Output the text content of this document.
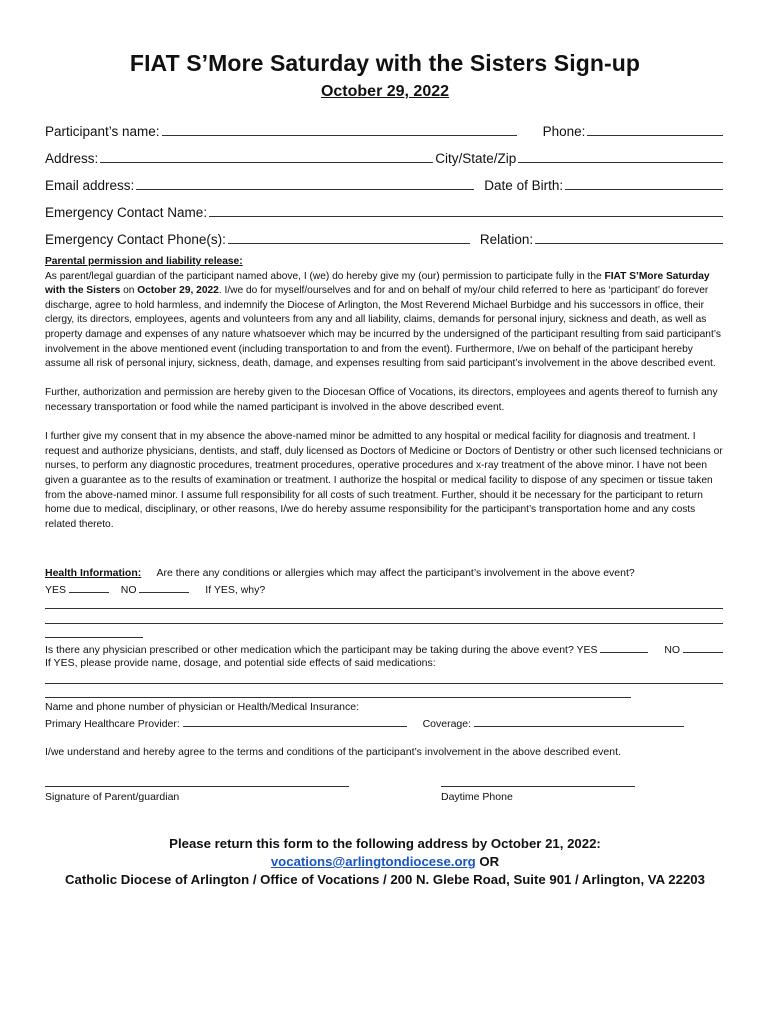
FIAT S’More Saturday with the Sisters Sign-up
October 29, 2022
Participant’s name:	Phone:
Address:	City/State/Zip
Email address:	Date of Birth:
Emergency Contact Name:
Emergency Contact Phone(s):	Relation:

Parental permission and liability release:

As parent/legal guardian of the participant named above, I (we) do hereby give my (our) permission to participate fully in the FIAT S’More Saturday with the Sisters on October 29, 2022. I/we do for myself/ourselves and for and on behalf of my/our child referred to here as ‘participant’ do forever discharge, agree to hold harmless, and indemnify the Diocese of Arlington, the Most Reverend Michael Burbidge and his successors in office, their clergy, its directors, employees, agents and volunteers from any and all liability, claims, demands for personal injury, sickness and death, as well as property damage and expenses of any nature whatsoever which may be incurred by the undersigned of the participant resulting from said participant’s involvement in the above mentioned event (including transportation to and from the event). Furthermore, I/we on behalf of the participant hereby assume all risk of personal injury, sickness, death, damage, and expenses resulting from said participant’s involvement in the above described event.

Further, authorization and permission are hereby given to the Diocesan Office of Vocations, its directors, employees and agents thereof to furnish any necessary transportation or food while the named participant is involved in the above described event.

I further give my consent that in my absence the above-named minor be admitted to any hospital or medical facility for diagnosis and treatment. I request and authorize physicians, dentists, and staff, duly licensed as Doctors of Medicine or Doctors of Dentistry or other such licensed technicians or nurses, to perform any diagnostic procedures, treatment procedures, operative procedures and x-ray treatment of the above minor. I have not been given a guarantee as to the results of examination or treatment. I authorize the hospital or medical facility to dispose of any specimen or tissue taken from the above-named minor. I assume full responsibility for all costs of such treatment. Further, should it be necessary for the participant to return home due to medical, disciplinary, or other reasons, I/we do hereby assume responsibility for the participant’s transportation home and any costs related thereto.

Health Information: Are there any conditions or allergies which may affect the participant’s involvement in the above event?
YES	NO	If YES, why?
Is there any physician prescribed or other medication which the participant may be taking during the above event? YES	NO
If YES, please provide name, dosage, and potential side effects of said medications:
Name and phone number of physician or Health/Medical Insurance:
Primary Healthcare Provider:	Coverage:
I/we understand and hereby agree to the terms and conditions of the participant’s involvement in the above described event.
Signature of Parent/guardian	Daytime Phone
Please return this form to the following address by October 21, 2022:
vocations@arlingtondiocese.org OR
Catholic Diocese of Arlington / Office of Vocations / 200 N. Glebe Road, Suite 901 / Arlington, VA 22203
